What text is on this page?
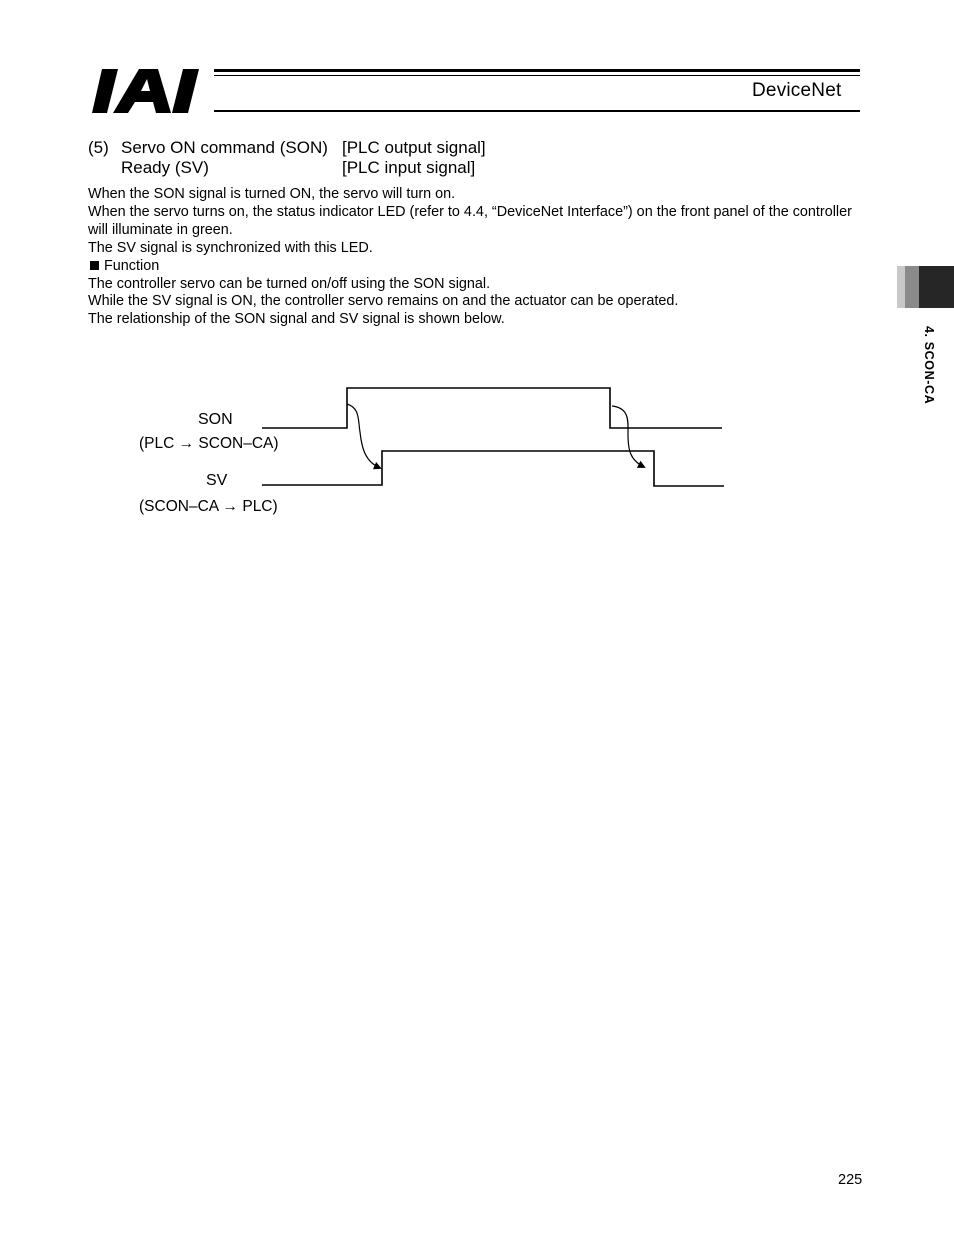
DeviceNet
(5) Servo ON command (SON) [PLC output signal]
Ready (SV)	[PLC input signal]

When the SON signal is turned ON, the servo will turn on.

When the servo turns on, the status indicator LED (refer to 4.4, “DeviceNet Interface”) on the front panel of the controller will illuminate in green.

The SV signal is synchronized with this LED.

Function

The controller servo can be turned on/off using the SON signal.

While the SV signal is ON, the controller servo remains on and the actuator can be operated.

The relationship of the SON signal and SV signal is shown below.

SON
(PLC → SCON–CA)
SV
(SCON–CA → PLC)
4. SCON-CA
225
